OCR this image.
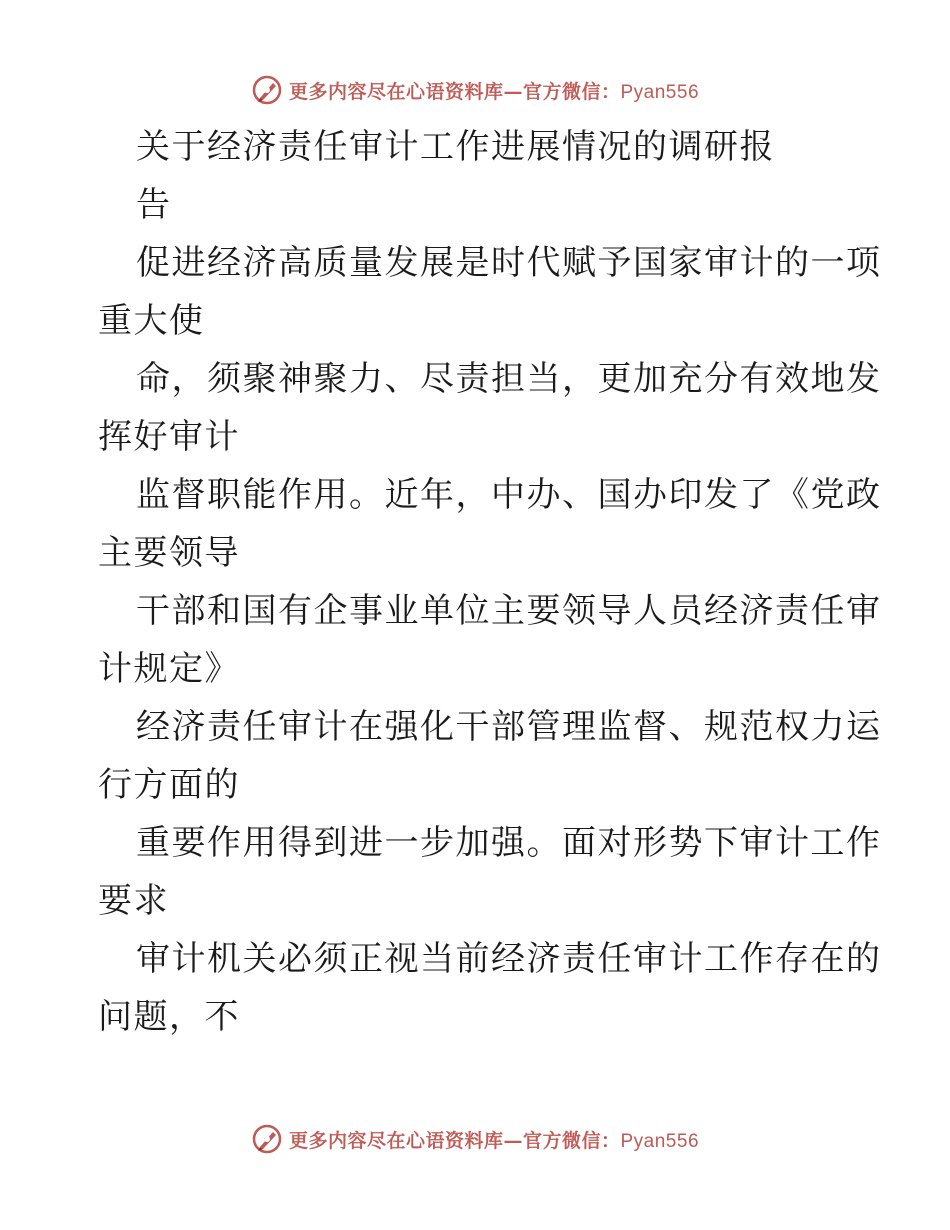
更多内容尽在心语资料库—官方微信：Pyan556
关于经济责任审计工作进展情况的调研报
告
促进经济高质量发展是时代赋予国家审计的一项
重大使
命，须聚神聚力、尽责担当，更加充分有效地发
挥好审计
监督职能作用。近年，中办、国办印发了《党政
主要领导
干部和国有企事业单位主要领导人员经济责任审
计规定》
经济责任审计在强化干部管理监督、规范权力运
行方面的
重要作用得到进一步加强。面对形势下审计工作
要求
审计机关必须正视当前经济责任审计工作存在的
问题，不
更多内容尽在心语资料库—官方微信：Pyan556
